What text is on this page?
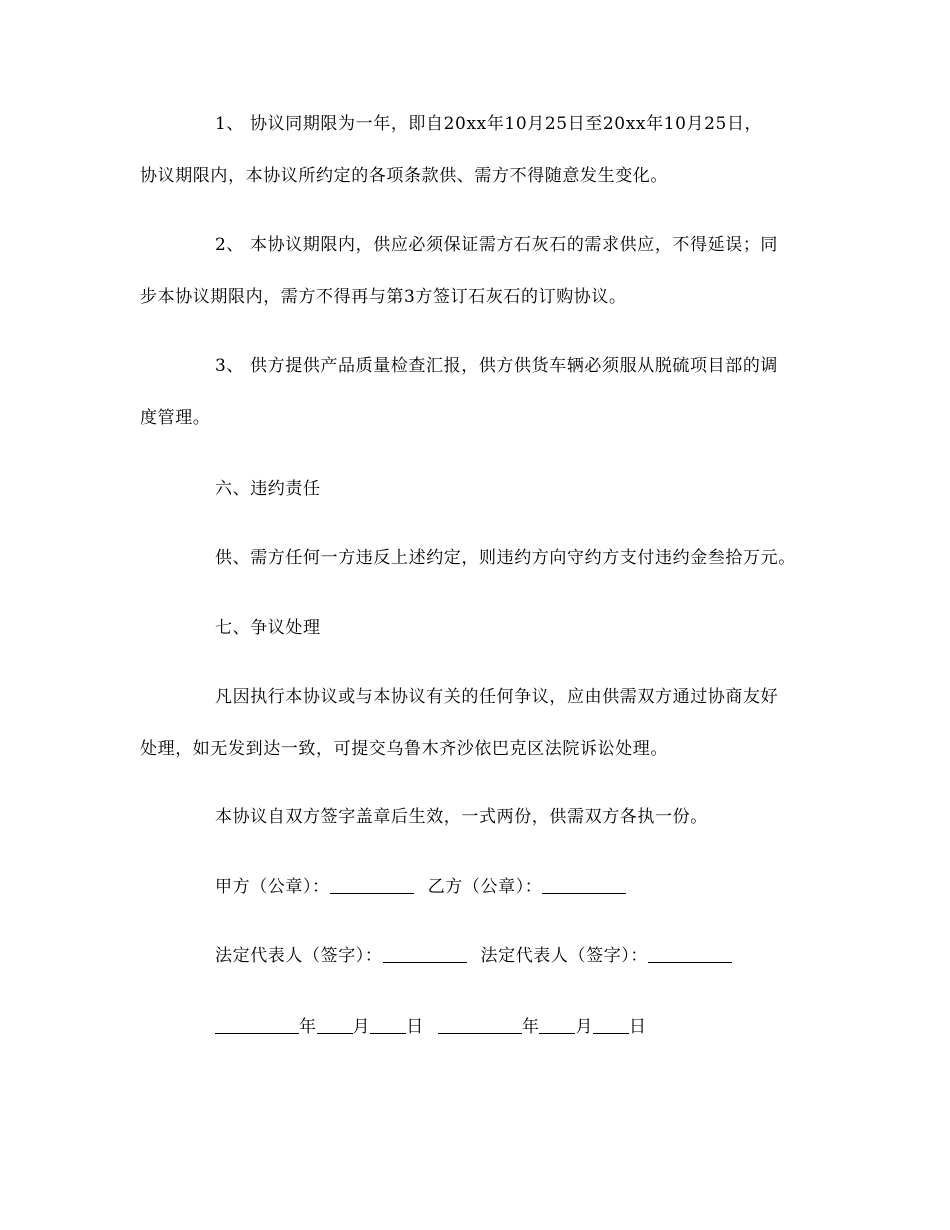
1、 协议同期限为一年，即自20xx年10月25日至20xx年10月25日，
协议期限内，本协议所约定的各项条款供、需方不得随意发生变化。
2、 本协议期限内，供应必须保证需方石灰石的需求供应，不得延误；同
步本协议期限内，需方不得再与第3方签订石灰石的订购协议。
3、 供方提供产品质量检查汇报，供方供货车辆必须服从脱硫项目部的调
度管理。
六、违约责任
供、需方任何一方违反上述约定，则违约方向守约方支付违约金叁拾万元。
七、争议处理
凡因执行本协议或与本协议有关的任何争议，应由供需双方通过协商友好
处理，如无发到达一致，可提交乌鲁木齐沙依巴克区法院诉讼处理。
本协议自双方签字盖章后生效，一式两份，供需双方各执一份。
甲方（公章）：	乙方（公章）：
法定代表人（签字）：	法定代表人（签字）：
年 月 日	年 月 日
